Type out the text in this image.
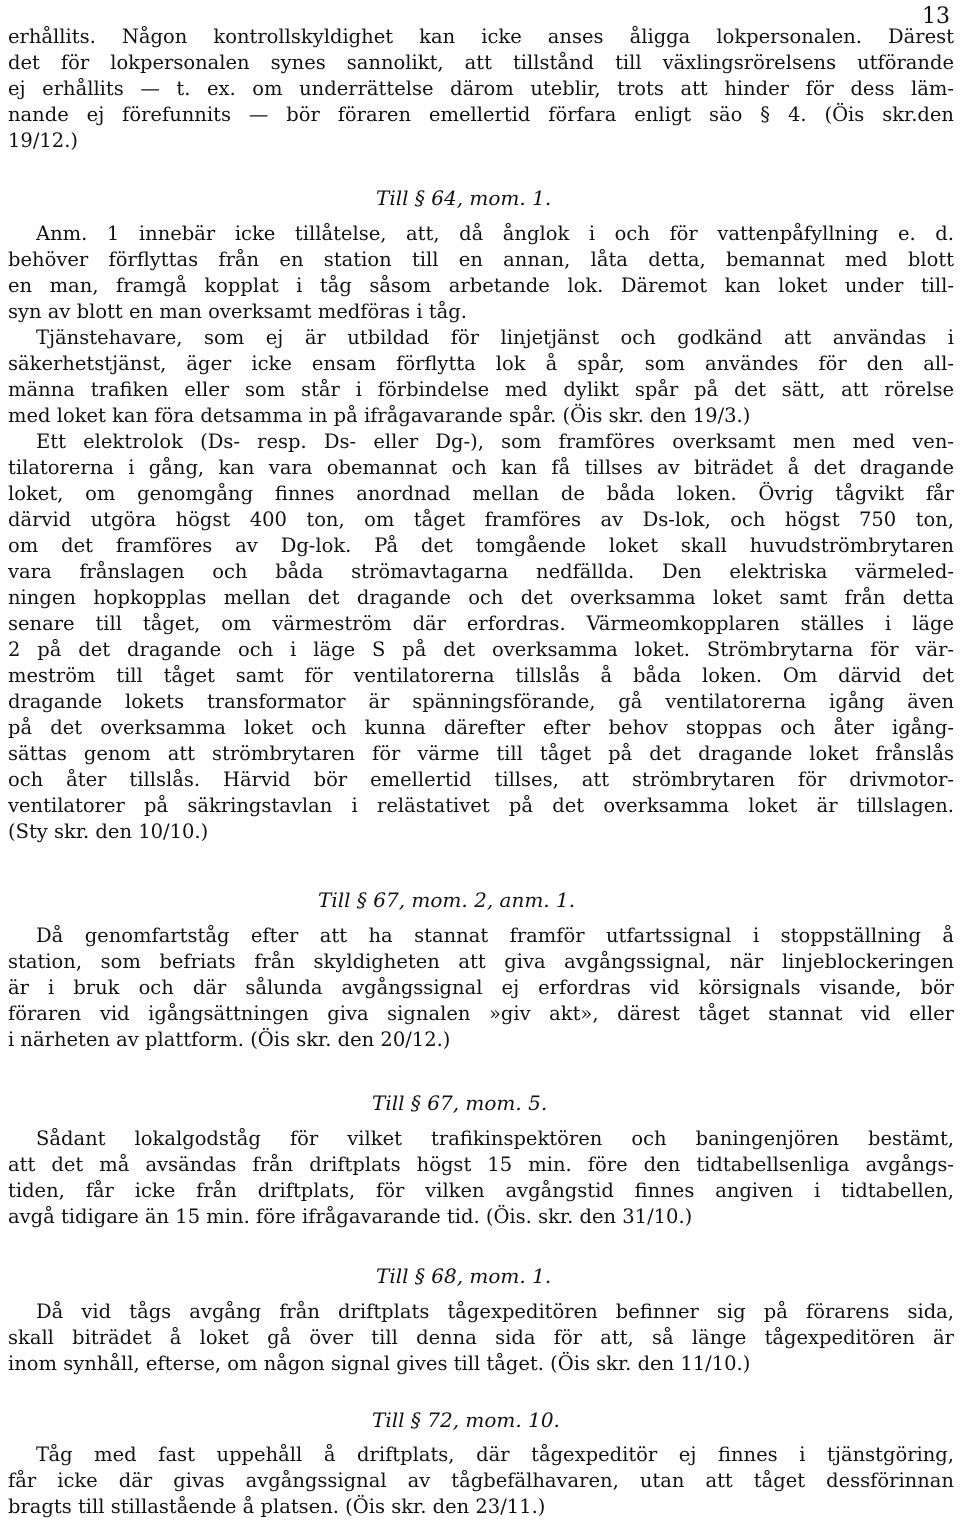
13
erhållits. Någon kontrollskyldighet kan icke anses åligga lokpersonalen. Därest
det för lokpersonalen synes sannolikt, att tillstånd till växlingsrörelsens utförande
ej erhållits — t. ex. om underrättelse därom uteblir, trots att hinder för dess läm-
nande ej förefunnits — bör föraren emellertid förfara enligt säo § 4. (Öis skr.den
19/12.)
Till § 64, mom. 1.
Anm. 1 innebär icke tillåtelse, att, då ånglok i och för vattenpåfyllning e. d.
behöver förflyttas från en station till en annan, låta detta, bemannat med blott
en man, framgå kopplat i tåg såsom arbetande lok. Däremot kan loket under till-
syn av blott en man overksamt medföras i tåg.
Tjänstehavare, som ej är utbildad för linjetjänst och godkänd att användas i
säkerhetstjänst, äger icke ensam förflytta lok å spår, som användes för den all-
männa trafiken eller som står i förbindelse med dylikt spår på det sätt, att rörelse
med loket kan föra detsamma in på ifrågavarande spår. (Öis skr. den 19/3.)
Ett elektrolok (Ds- resp. Ds- eller Dg-), som framföres overksamt men med ven-
tilatorerna i gång, kan vara obemannat och kan få tillses av biträdet å det dragande
loket, om genomgång finnes anordnad mellan de båda loken. Övrig tågvikt får
därvid utgöra högst 400 ton, om tåget framföres av Ds-lok, och högst 750 ton,
om det framföres av Dg-lok. På det tomgående loket skall huvudströmbrytaren
vara frånslagen och båda strömavtagarna nedfällda. Den elektriska värmeled-
ningen hopkopplas mellan det dragande och det overksamma loket samt från detta
senare till tåget, om värmeström där erfordras. Värmeomkopplaren ställes i läge
2 på det dragande och i läge S på det overksamma loket. Strömbrytarna för vär-
meström till tåget samt för ventilatorerna tillslås å båda loken. Om därvid det
dragande lokets transformator är spänningsförande, gå ventilatorerna igång även
på det overksamma loket och kunna därefter efter behov stoppas och åter igång-
sättas genom att strömbrytaren för värme till tåget på det dragande loket frånslås
och åter tillslås. Härvid bör emellertid tillses, att strömbrytaren för drivmotor-
ventilatorer på säkringstavlan i relästativet på det overksamma loket är tillslagen.
(Sty skr. den 10/10.)
Till § 67, mom. 2, anm. 1.
Då genomfartståg efter att ha stannat framför utfartssignal i stoppställning å
station, som befriats från skyldigheten att giva avgångssignal, när linjeblockeringen
är i bruk och där sålunda avgångssignal ej erfordras vid körsignals visande, bör
föraren vid igångsättningen giva signalen »giv akt», därest tåget stannat vid eller
i närheten av plattform. (Öis skr. den 20/12.)
Till § 67, mom. 5.
Sådant lokalgodståg för vilket trafikinspektören och baningenjören bestämt,
att det må avsändas från driftplats högst 15 min. före den tidtabellsenliga avgångs-
tiden, får icke från driftplats, för vilken avgångstid finnes angiven i tidtabellen,
avgå tidigare än 15 min. före ifrågavarande tid. (Öis. skr. den 31/10.)
Till § 68, mom. 1.
Då vid tågs avgång från driftplats tågexpeditören befinner sig på förarens sida,
skall biträdet å loket gå över till denna sida för att, så länge tågexpeditören är
inom synhåll, efterse, om någon signal gives till tåget. (Öis skr. den 11/10.)
Till § 72, mom. 10.
Tåg med fast uppehåll å driftplats, där tågexpeditör ej finnes i tjänstgöring,
får icke där givas avgångssignal av tågbefälhavaren, utan att tåget dessförinnan
bragts till stillastående å platsen. (Öis skr. den 23/11.)
